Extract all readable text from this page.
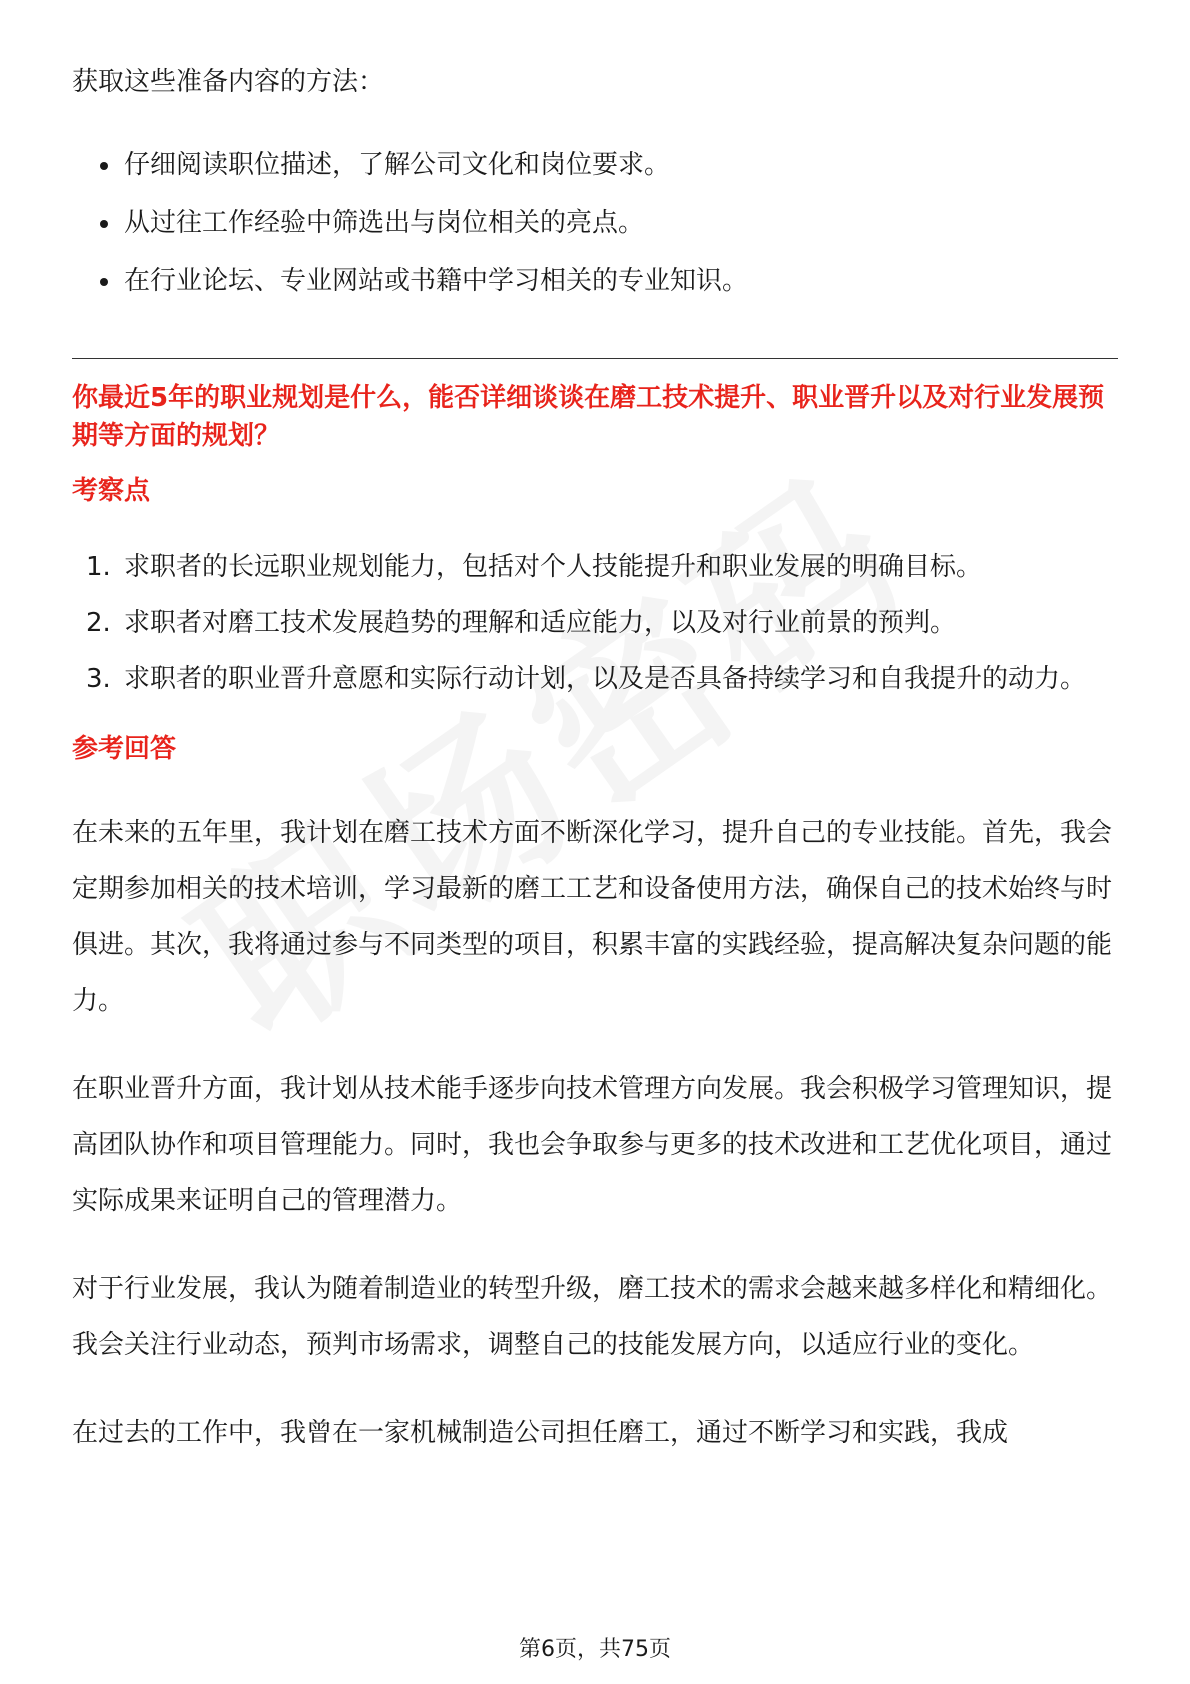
获取这些准备内容的方法：

仔细阅读职位描述，了解公司文化和岗位要求。
从过往工作经验中筛选出与岗位相关的亮点。
在行业论坛、专业网站或书籍中学习相关的专业知识。
你最近5年的职业规划是什么，能否详细谈谈在磨工技术提升、职业晋升以及对行业发展预期等方面的规划？
考察点
1. 求职者的长远职业规划能力，包括对个人技能提升和职业发展的明确目标。
2. 求职者对磨工技术发展趋势的理解和适应能力，以及对行业前景的预判。
3. 求职者的职业晋升意愿和实际行动计划，以及是否具备持续学习和自我提升的动力。
参考回答

在未来的五年里，我计划在磨工技术方面不断深化学习，提升自己的专业技能。首先，我会定期参加相关的技术培训，学习最新的磨工工艺和设备使用方法，确保自己的技术始终与时俱进。其次，我将通过参与不同类型的项目，积累丰富的实践经验，提高解决复杂问题的能力。

在职业晋升方面，我计划从技术能手逐步向技术管理方向发展。我会积极学习管理知识，提高团队协作和项目管理能力。同时，我也会争取参与更多的技术改进和工艺优化项目，通过实际成果来证明自己的管理潜力。

对于行业发展，我认为随着制造业的转型升级，磨工技术的需求会越来越多样化和精细化。我会关注行业动态，预判市场需求，调整自己的技能发展方向，以适应行业的变化。

在过去的工作中，我曾在一家机械制造公司担任磨工，通过不断学习和实践，我成

第6页，共75页
